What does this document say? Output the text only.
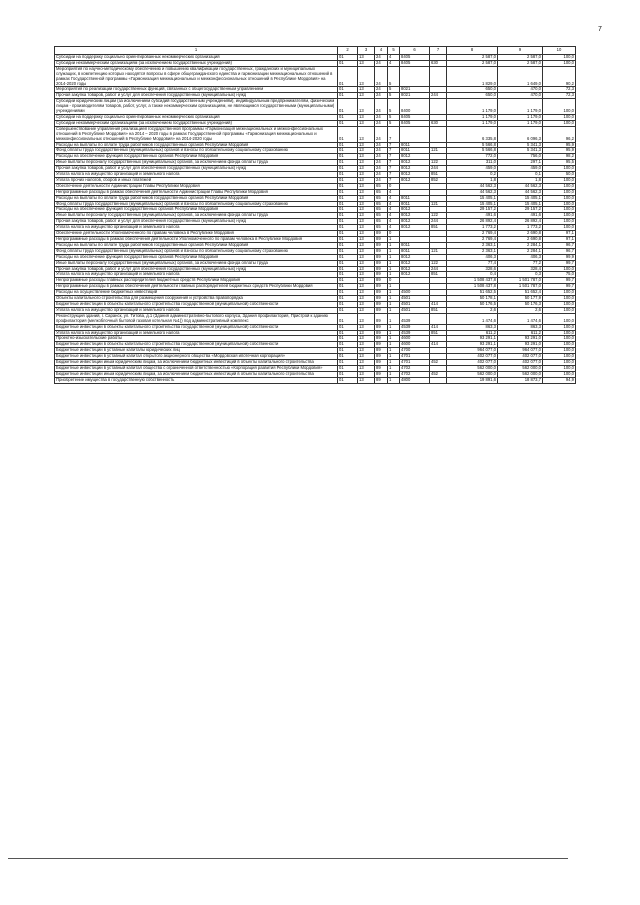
7
1	2	3	4	5	6	7	8	9	10
Субсидии на поддержку социально ориентированных некоммерческих организаций	01	13	24	4	8405		2 587,0	2 587,0	100,0
Субсидии некоммерческим организациям (за исключением государственных учреждений)	01	13	24	4	8405	630	2 587,0	2 587,0	100,0
Мероприятия по научно-методическому обеспечению и повышению квалификации государственных, гражданских и муниципальных служащих, в компетенцию которых находятся вопросы в сфере общегражданского единства и гармонизации межнациональных отношений в рамках Государственной программы «Гармонизация межнациональных и межконфессиональных отношений в Республике Мордовия» на 2014-2020 годы	01	13	24	5			1 829,0	1 649,0	90,2
Мероприятия по реализации государственных функций, связанных с общегосударственным управлением	01	13	24	5	8021		650,0	470,0	72,3
Прочая закупка товаров, работ и услуг для обеспечения государственных (муниципальных) нужд	01	13	24	5	8021	244	650,0	470,0	72,3
Субсидии юридическим лицам (за исключением субсидий государственным учреждениям), индивидуальным предпринимателям, физическим лицам - производителям товаров, работ, услуг, а также некоммерческим организациям, не являющимся государственными (муниципальными) учреждениями	01	13	24	5	8400		1 179,0	1 179,0	100,0
Субсидии на поддержку социально ориентированных некоммерческих организаций	01	13	24	5	8405		1 179,0	1 179,0	100,0
Субсидии некоммерческим организациям (за исключением государственных учреждений)	01	13	24	5	8405	630	1 179,0	1 179,0	100,0
Совершенствование управления реализацией государственной программы «Гармонизация межнациональных и межконфессиональных отношений в Республике Мордовия» на 2014 – 2020 годы в рамках Государственной программы «Гармонизация межнациональных и межконфессиональных отношений в Республике Мордовия» на 2014-2020 годы	01	13	24	7			6 335,8	6 096,3	96,2
Расходы на выплаты по оплате труда работников государственных органов Республики Мордовия	01	13	24	7	8011		5 566,8	5 341,3	95,9
Фонд оплаты труда государственных (муниципальных) органов и взносы по обязательному социальному страхованию	01	13	24	7	8011	121	5 566,8	5 341,3	95,9
Расходы на обеспечение функций государственных органов Республики Мордовия	01	13	24	7	8012		772,0	756,0	98,2
Иные выплаты персоналу государственных (муниципальных) органов, за исключением фонда оплаты труда	01	13	24	7	8012	122	311,0	297,1	95,5
Прочая закупка товаров, работ и услуг для обеспечения государственных (муниципальных) нужд	01	13	24	7	8012	244	459,0	459,0	100,0
Уплата налога на имущество организаций и земельного налога	01	13	24	7	8012	851	0,2	0,1	50,0
Уплата прочих налогов, сборов и иных платежей	01	13	24	7	8012	852	1,8	1,8	100,0
Обеспечение деятельности Администрации Главы Республики Мордовия	01	13	65	0			44 562,3	44 562,3	100,0
Непрограммные расходы в рамках обеспечения деятельности Администрации Главы Республики Мордовия	01	13	65	4			44 562,3	44 562,3	100,0
Расходы на выплаты по оплате труда работников государственных органов Республики Мордовия	01	13	65	4	8011		15 405,1	15 405,1	100,0
Фонд оплаты труда государственных (муниципальных) органов и взносы по обязательному социальному страхованию	01	13	65	4	8011	121	15 405,1	15 405,1	100,0
Расходы на обеспечение функций государственных органов Республики Мордовия	01	13	65	4	8012		29 157,2	29 157,2	100,0
Иные выплаты персоналу государственных (муниципальных) органов, за исключением фонда оплаты труда	01	13	65	4	8012	122	491,6	491,6	100,0
Прочая закупка товаров, работ и услуг для обеспечения государственных (муниципальных) нужд	01	13	65	4	8012	244	26 892,4	26 892,4	100,0
Уплата налога на имущество организаций и земельного налога	01	13	65	4	8012	851	1 773,2	1 773,2	100,0
Обеспечение деятельности Уполномоченного по правам человека в Республике Мордовия	01	13	89	0			2 769,4	2 690,8	97,1
Непрограммные расходы в рамках обеспечения деятельности Уполномоченного по правам человека в Республике Мордовия	01	13	89	1			2 769,4	2 690,8	97,1
Расходы на выплаты по оплате труда работников государственных органов Республики Мордовия	01	13	89	1	8011		2 363,1	2 284,1	96,7
Фонд оплаты труда государственных (муниципальных) органов и взносы по обязательному социальному страхованию	01	13	89	1	8011	121	2 363,1	2 284,1	96,7
Расходы на обеспечение функций государственных органов Республики Мордовия	01	13	89	1	8012		406,3	406,3	99,9
Иные выплаты персоналу государственных (муниципальных) органов, за исключением фонда оплаты труда	01	13	89	1	8012	122	77,4	77,2	99,7
Прочая закупка товаров, работ и услуг для обеспечения государственных (муниципальных) нужд	01	13	89	1	8012	244	328,6	328,4	100,0
Уплата налога на имущество организаций и земельного налога	01	13	89	1	8012	851	0,4	0,3	75,0
Непрограммные расходы главных распорядителей бюджетных средств Республики Мордовия	01	13	89	0			1 508 437,8	1 501 787,0	99,7
Непрограммные расходы в рамках обеспечения деятельности главных распорядителей бюджетных средств Республики Мордовия	01	13	89	1			1 508 437,8	1 501 787,0	99,7
Расходы на осуществление бюджетных инвестиций	01	13	89	1	4500		51 652,5	51 652,4	100,0
Объекты капитального строительства для размещения сооружения и устройства правопорядка	01	13	89	1	4501		50 178,1	50 177,9	100,0
Бюджетные инвестиции в объекты капитального строительства государственной (муниципальной) собственности	01	13	89	1	4501	414	50 176,5	50 176,3	100,0
Уплата налога на имущество организаций и земельного налога	01	13	89	1	4501	851	2,6	2,6	100,0
Реконструкция зданий, г. Саранск, ул. Титова, д.1 (Здания административно-бытового корпуса, Здания профилактория, Пристрой к зданию профилактория (мелкоблочный бытовой газовая котельная №1)) под административный комплекс	01	13	89	1	4539		1 474,6	1 474,6	100,0
Бюджетные инвестиции в объекты капитального строительства государственной (муниципальной) собственности	01	13	89	1	4539	414	863,3	863,3	100,0
Уплата налога на имущество организаций и земельного налога	01	13	89	1	4539	851	611,2	611,2	100,0
Проектно-изыскательские работы	01	13	89	1	4600		93 291,1	93 291,0	100,0
Бюджетные инвестиции в объекты капитального строительства государственной (муниципальной) собственности	01	13	89	1	4600	414	93 291,1	93 291,0	100,0
Бюджетные инвестиции в уставные капиталы юридических лиц	01	13	89	1	4700		964 077,0	964 077,0	100,0
Бюджетные инвестиции в уставный капитал открытого акционерного общества «Мордовская ипотечная корпорация»	01	13	89	1	4701		402 077,0	402 077,0	100,0
Бюджетные инвестиции иным юридическим лицам, за исключением бюджетных инвестиций в объекты капитального строительства	01	13	89	1	4701	452	402 077,0	402 077,0	100,0
Бюджетные инвестиции в уставный капитал общества с ограниченной ответственностью «Корпорация развития Республики Мордовия»	01	13	89	1	4702		562 000,0	562 000,0	100,0
Бюджетные инвестиции иным юридическим лицам, за исключением бюджетных инвестиций в объекты капитального строительства	01	13	89	1	4702	452	562 000,0	562 000,0	100,0
Приобретение имущества в государственную собственность	01	13	89	1	4800		19 891,6	18 873,7	94,9
